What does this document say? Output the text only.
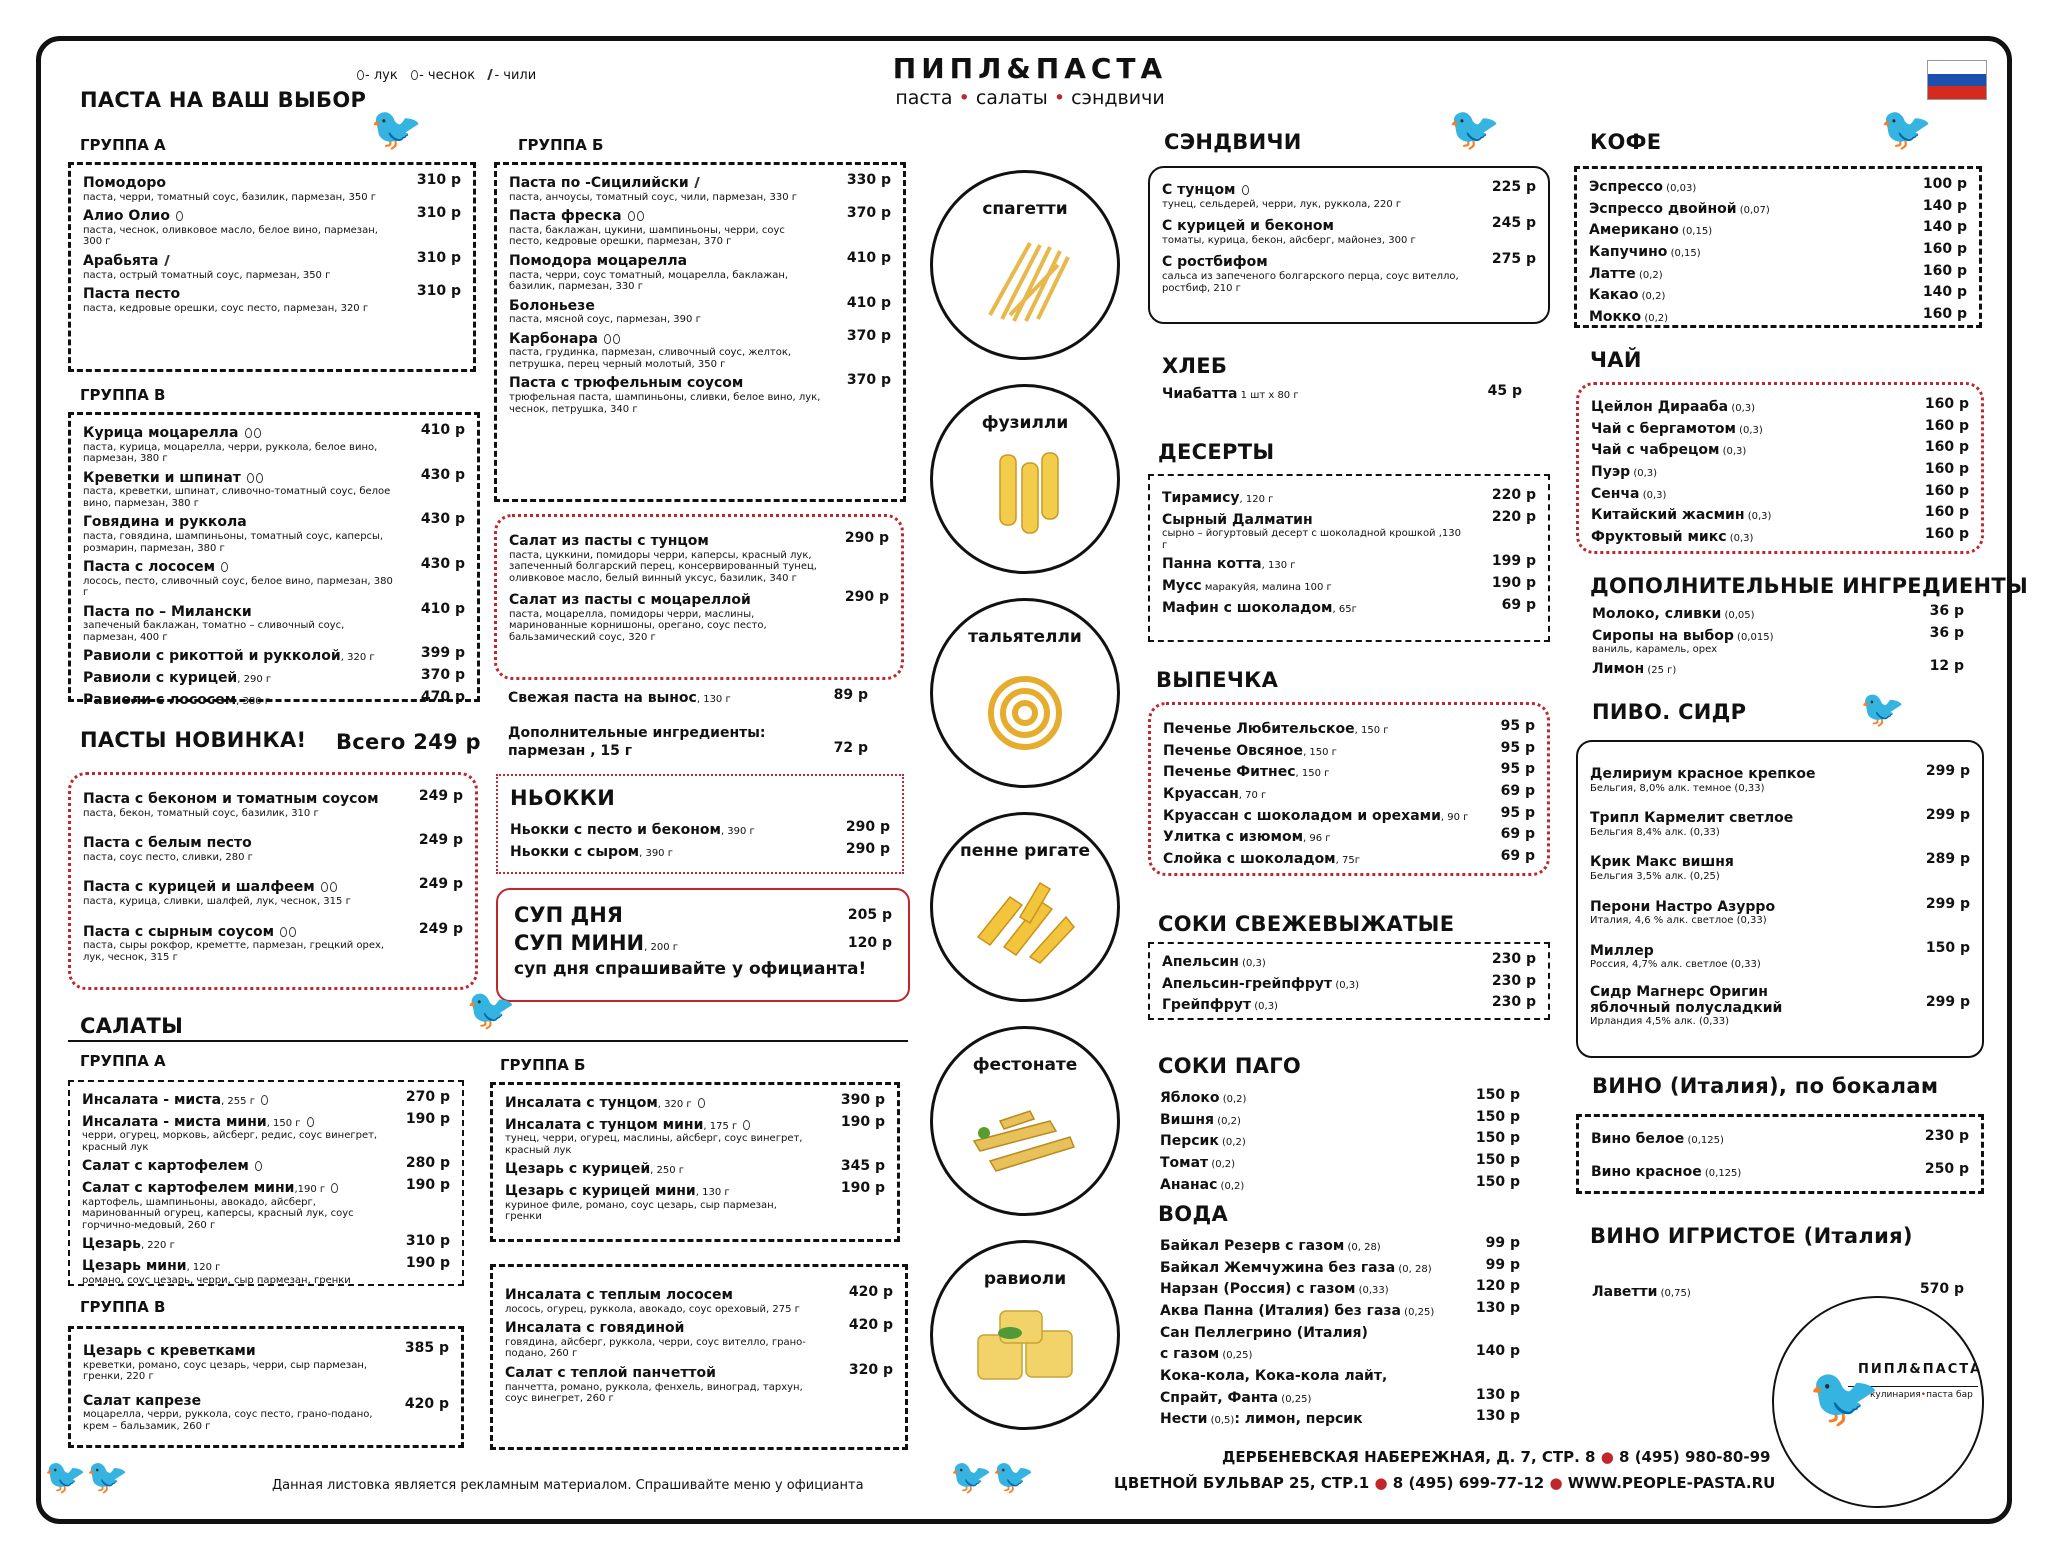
ПИПЛ&ПАСТА
паста • салаты • сэндвичи
- лук - чеснок - чили
ПАСТА НА ВАШ ВЫБОР
ГРУППА А	🐦
Помодоро	310 р
паста, черри, томатный соус, базилик, пармезан, 350 г
Алио Олио	310 р
паста, чеснок, оливковое масло, белое вино, пармезан, 300 г
Арабьята	310 р
паста, острый томатный соус, пармезан, 350 г
Паста песто	310 р
паста, кедровые орешки, соус песто, пармезан, 320 г
ГРУППА В
Курица моцарелла	410 р
паста, курица, моцарелла, черри, руккола, белое вино, пармезан, 380 г
Креветки и шпинат	430 р
паста, креветки, шпинат, сливочно-томатный соус, белое вино, пармезан, 380 г
Говядина и руккола	430 р
паста, говядина, шампиньоны, томатный соус, каперсы, розмарин, пармезан, 380 г
Паста с лососем	430 р
лосось, песто, сливочный соус, белое вино, пармезан, 380 г
Паста по – Милански	410 р
запеченый баклажан, томатно – сливочный соус, пармезан, 400 г
Равиоли с рикоттой и рукколой, 320 г	399 р
Равиоли с курицей, 290 г	370 р
Равиоли с лососем, 380 г	470 р
ПАСТЫ НОВИНКА! Всего 249 р
Паста с беконом и томатным соусом	249 р
паста, бекон, томатный соус, базилик, 310 г
Паста с белым песто	249 р
паста, соус песто, сливки, 280 г
Паста с курицей и шалфеем	249 р
паста, курица, сливки, шалфей, лук, чеснок, 315 г
Паста с сырным соусом	249 р
паста, сыры рокфор, креметте, пармезан, грецкий орех, лук, чеснок, 315 г
ГРУППА Б
Паста по -Сицилийски	330 р
паста, анчоусы, томатный соус, чили, пармезан, 330 г
Паста фреска	370 р
паста, баклажан, цукини, шампиньоны, черри, соус песто, кедровые орешки, пармезан, 370 г
Помодора моцарелла	410 р
паста, черри, соус томатный, моцарелла, баклажан, базилик, пармезан, 330 г
Болоньезе	410 р
паста, мясной соус, пармезан, 390 г
Карбонара	370 р
паста, грудинка, пармезан, сливочный соус, желток, петрушка, перец черный молотый, 350 г
Паста с трюфельным соусом	370 р
трюфельная паста, шампиньоны, сливки, белое вино, лук, чеснок, петрушка, 340 г
Салат из пасты с тунцом	290 р
паста, цуккини, помидоры черри, каперсы, красный лук, запеченный болгарский перец, консервированный тунец, оливковое масло, белый винный уксус, базилик, 340 г
Салат из пасты с моцареллой	290 р
паста, моцарелла, помидоры черри, маслины, маринованные корнишоны, орегано, соус песто, бальзамический соус, 320 г
Свежая паста на вынос, 130 г	89 р
Дополнительные ингредиенты:
пармезан , 15 г	72 р
НЬОККИ
Ньокки с песто и беконом, 390 г	290 р
Ньокки с сыром, 390 г	290 р
СУП ДНЯ	205 р
СУП МИНИ, 200 г	120 р
суп дня спрашивайте у официанта!
САЛАТЫ	🐦
ГРУППА А
Инсалата - миста, 255 г	270 р
Инсалата - миста мини, 150 г	190 р
черри, огурец, морковь, айсберг, редис, соус винегрет, красный лук
Салат с картофелем	280 р
Салат с картофелем мини,190 г	190 р
картофель, шампиньоны, авокадо, айсберг, маринованный огурец, каперсы, красный лук, соус горчично-медовый, 260 г
Цезарь, 220 г	310 р
Цезарь мини, 120 г	190 р
романо, соус цезарь, черри, сыр пармезан, гренки
ГРУППА В
Цезарь с креветками	385 р
креветки, романо, соус цезарь, черри, сыр пармезан, гренки, 220 г
Салат капрезе	420 р
моцарелла, черри, руккола, соус песто, грано-подано, крем – бальзамик, 260 г
ГРУППА Б
Инсалата с тунцом, 320 г	390 р
Инсалата с тунцом мини, 175 г	190 р
тунец, черри, огурец, маслины, айсберг, соус винегрет, красный лук
Цезарь с курицей, 250 г	345 р
Цезарь с курицей мини, 130 г	190 р
куриное филе, романо, соус цезарь, сыр пармезан, гренки
Инсалата с теплым лососем	420 р
лосось, огурец, руккола, авокадо, соус ореховый, 275 г
Инсалата с говядиной	420 р
говядина, айсберг, руккола, черри, соус вителло, грано-подано, 260 г
Салат с теплой панчеттой	320 р
панчетта, романо, руккола, фенхель, виноград, тархун, соус винегрет, 260 г
спагетти
фузилли
тальятелли
пенне ригате
фестонате
равиоли
СЭНДВИЧИ	🐦
С тунцом	225 р
тунец, сельдерей, черри, лук, руккола, 220 г
С курицей и беконом	245 р
томаты, курица, бекон, айсберг, майонез, 300 г
С ростбифом	275 р
сальса из запеченого болгарского перца, соус вителло, ростбиф, 210 г
ХЛЕБ
Чиабатта 1 шт х 80 г	45 р
ДЕСЕРТЫ
Тирамису, 120 г	220 р
Сырный Далматин	220 р
сырно – йогуртовый десерт с шоколадной крошкой ,130 г
Панна котта, 130 г	199 р
Мусс маракуйя, малина 100 г	190 р
Мафин с шоколадом, 65г	69 р
ВЫПЕЧКА
Печенье Любительское, 150 г	95 р
Печенье Овсяное, 150 г	95 р
Печенье Фитнес, 150 г	95 р
Круассан, 70 г	69 р
Круассан с шоколадом и орехами, 90 г 95 р
Улитка с изюмом, 96 г	69 р
Слойка с шоколадом, 75г	69 р
СОКИ СВЕЖЕВЫЖАТЫЕ
Апельсин (0,3)	230 р
Апельсин-грейпфрут (0,3)	230 р
Грейпфрут (0,3)	230 р
СОКИ ПАГО
Яблоко (0,2)	150 р
Вишня (0,2)	150 р
Персик (0,2)	150 р
Томат (0,2)	150 р
Ананас (0,2)	150 р
ВОДА
Байкал Резерв с газом (0, 28)	99 р
Байкал Жемчужина без газа (0, 28)	99 р
Нарзан (Россия) с газом (0,33)	120 р
Аква Панна (Италия) без газа (0,25)	130 р
Сан Пеллегрино (Италия)
с газом (0,25)	140 р
Кока-кола, Кока-кола лайт,
Спрайт, Фанта (0,25)	130 р
Нести (0,5): лимон, персик	130 р
КОФЕ	🐦
Эспрессо (0,03)	100 р
Эспрессо двойной (0,07)	140 р
Американо (0,15)	140 р
Капучино (0,15)	160 р
Латте (0,2)	160 р
Какао (0,2)	140 р
Мокко (0,2)	160 р
ЧАЙ
Цейлон Дирааба (0,3)	160 р
Чай с бергамотом (0,3)	160 р
Чай с чабрецом (0,3)	160 р
Пуэр (0,3)	160 р
Сенча (0,3)	160 р
Китайский жасмин (0,3)	160 р
Фруктовый микс (0,3)	160 р
ДОПОЛНИТЕЛЬНЫЕ ИНГРЕДИЕНТЫ
Молоко, сливки (0,05)	36 р
Сиропы на выбор (0,015)	36 р
ваниль, карамель, орех
Лимон (25 г)	12 р
ПИВО. СИДР	🐦
Делириум красное крепкое	299 р
Бельгия, 8,0% алк. темное (0,33)
Трипл Кармелит светлое	299 р
Бельгия 8,4% алк. (0,33)
Крик Макс вишня	289 р
Бельгия 3,5% алк. (0,25)
Перони Настро Азурро	299 р
Италия, 4,6 % алк. светлое (0,33)
Миллер	150 р
Россия, 4,7% алк. светлое (0,33)
Сидр Магнерс Оригин яблочный полусладкий	299 р
Ирландия 4,5% алк. (0,33)
ВИНО (Италия), по бокалам
Вино белое (0,125)	230 р
Вино красное (0,125)	250 р
ВИНО ИГРИСТОЕ (Италия)
Лаветти (0,75)	570 р
ПИПЛ&ПАСТА
кулинария•паста бар
🐦
🐦🐦	Данная листовка является рекламным материалом. Спрашивайте меню у официанта	🐦🐦	ДЕРБЕНЕВСКАЯ НАБЕРЕЖНАЯ, Д. 7, СТР. 8 ● 8 (495) 980-80-99
ЦВЕТНОЙ БУЛЬВАР 25, СТР.1 ● 8 (495) 699-77-12 ● WWW.PEOPLE-PASTA.RU
